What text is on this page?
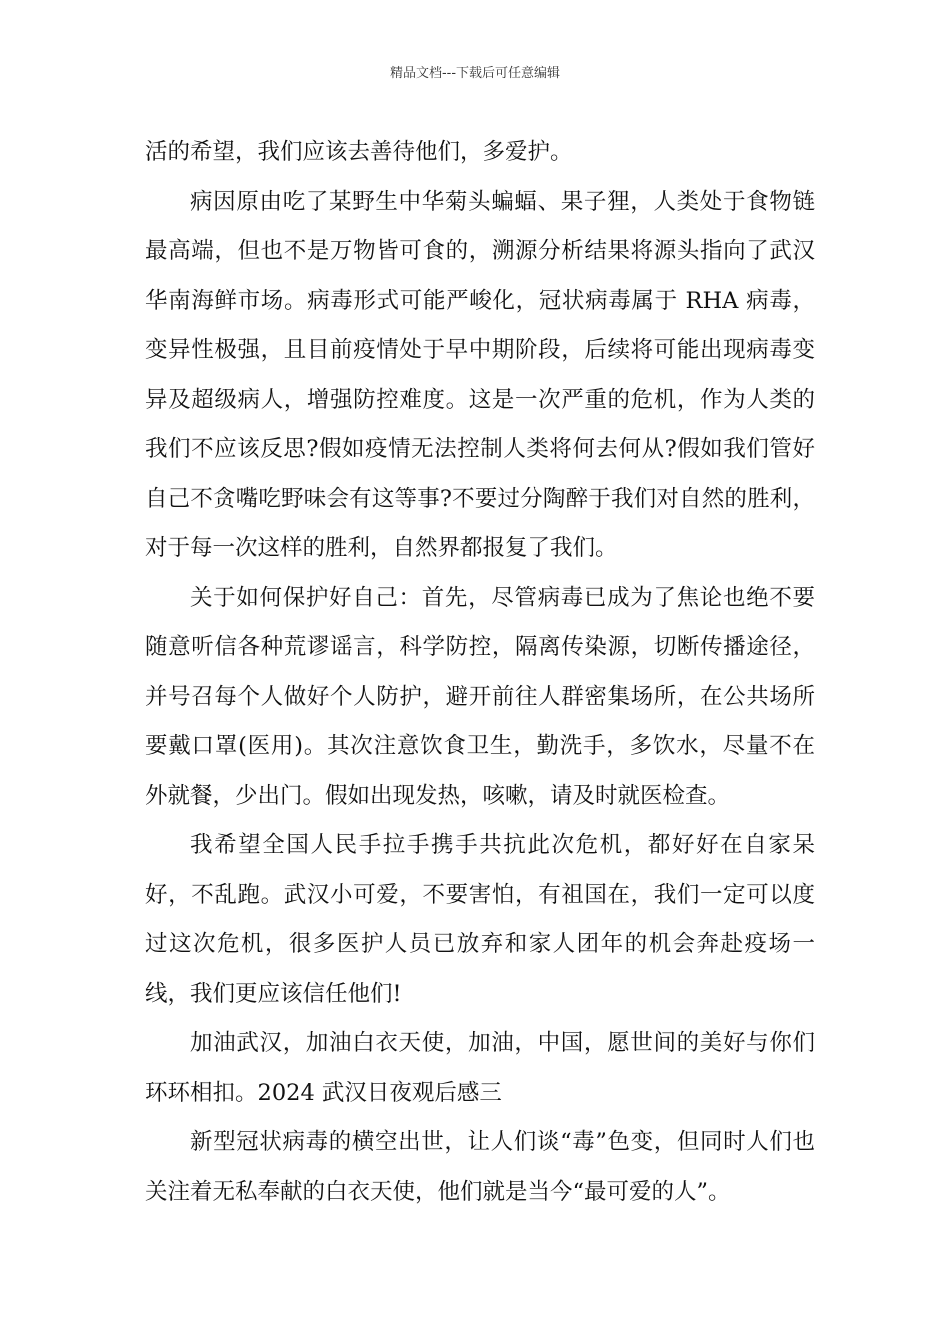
精品文档---下载后可任意编辑

活的希望，我们应该去善待他们，多爱护。

病因原由吃了某野生中华菊头蝙蝠、果子狸，人类处于食物链最高端，但也不是万物皆可食的，溯源分析结果将源头指向了武汉华南海鲜市场。病毒形式可能严峻化，冠状病毒属于 RHA 病毒，变异性极强，且目前疫情处于早中期阶段，后续将可能出现病毒变异及超级病人，增强防控难度。这是一次严重的危机，作为人类的我们不应该反思?假如疫情无法控制人类将何去何从?假如我们管好自己不贪嘴吃野味会有这等事?不要过分陶醉于我们对自然的胜利，对于每一次这样的胜利，自然界都报复了我们。

关于如何保护好自己：首先，尽管病毒已成为了焦论也绝不要随意听信各种荒谬谣言，科学防控，隔离传染源，切断传播途径，并号召每个人做好个人防护，避开前往人群密集场所，在公共场所要戴口罩(医用)。其次注意饮食卫生，勤洗手，多饮水，尽量不在外就餐，少出门。假如出现发热，咳嗽，请及时就医检查。

我希望全国人民手拉手携手共抗此次危机，都好好在自家呆好，不乱跑。武汉小可爱，不要害怕，有祖国在，我们一定可以度过这次危机，很多医护人员已放弃和家人团年的机会奔赴疫场一线，我们更应该信任他们!

加油武汉，加油白衣天使，加油，中国，愿世间的美好与你们环环相扣。2024 武汉日夜观后感三

新型冠状病毒的横空出世，让人们谈“毒”色变，但同时人们也关注着无私奉献的白衣天使，他们就是当今“最可爱的人”。
